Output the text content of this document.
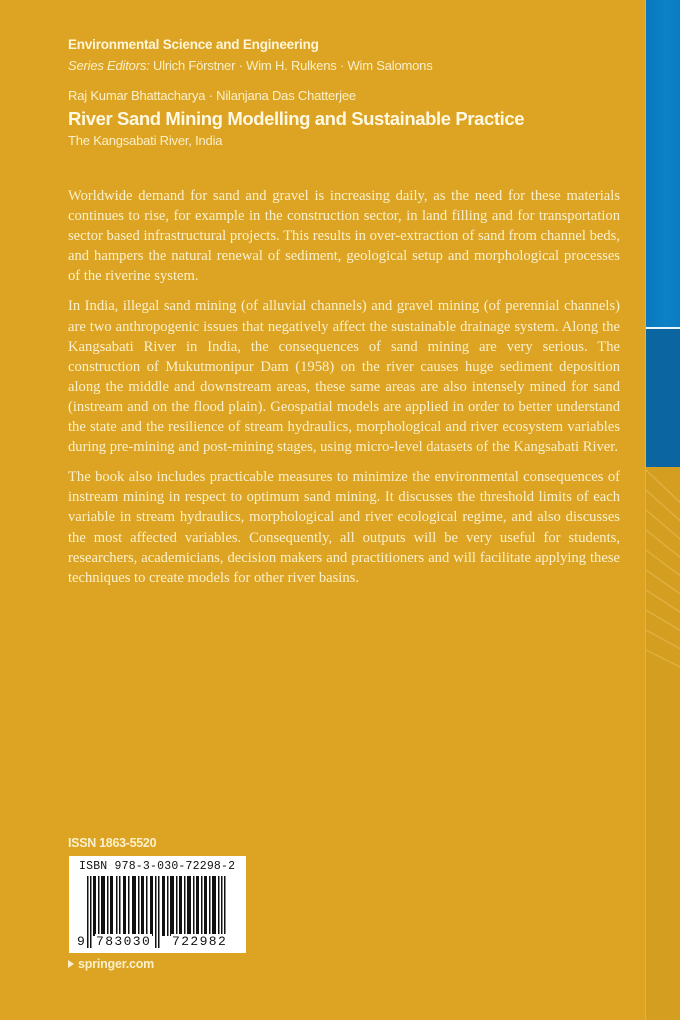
Environmental Science and Engineering
Series Editors: Ulrich Förstner · Wim H. Rulkens · Wim Salomons
Raj Kumar Bhattacharya · Nilanjana Das Chatterjee
River Sand Mining Modelling and Sustainable Practice
The Kangsabati River, India

Worldwide demand for sand and gravel is increasing daily, as the need for these materials continues to rise, for example in the construction sector, in land filling and for transportation sector based infrastructural projects. This results in over-extraction of sand from channel beds, and hampers the natural renewal of sediment, geological setup and morphological processes of the riverine system.

In India, illegal sand mining (of alluvial channels) and gravel mining (of perennial channels) are two anthropogenic issues that negatively affect the sustainable drainage system. Along the Kangsabati River in India, the consequences of sand mining are very serious. The construction of Mukutmonipur Dam (1958) on the river causes huge sediment deposition along the middle and downstream areas, these same areas are also intensely mined for sand (instream and on the flood plain). Geospatial models are applied in order to better understand the state and the resilience of stream hydraulics, morphological and river ecosystem variables during pre-mining and post-mining stages, using micro-level datasets of the Kangsabati River.

The book also includes practicable measures to minimize the environmental consequences of instream mining in respect to optimum sand mining. It discusses the threshold limits of each variable in stream hydraulics, morphological and river ecological regime, and also discusses the most affected variables. Consequently, all outputs will be very useful for students, researchers, academicians, decision makers and practitioners and will facilitate applying these techniques to create models for other river basins.

ISSN 1863-5520
ISBN 978-3-030-72298-2
9 783030 722982
springer.com
